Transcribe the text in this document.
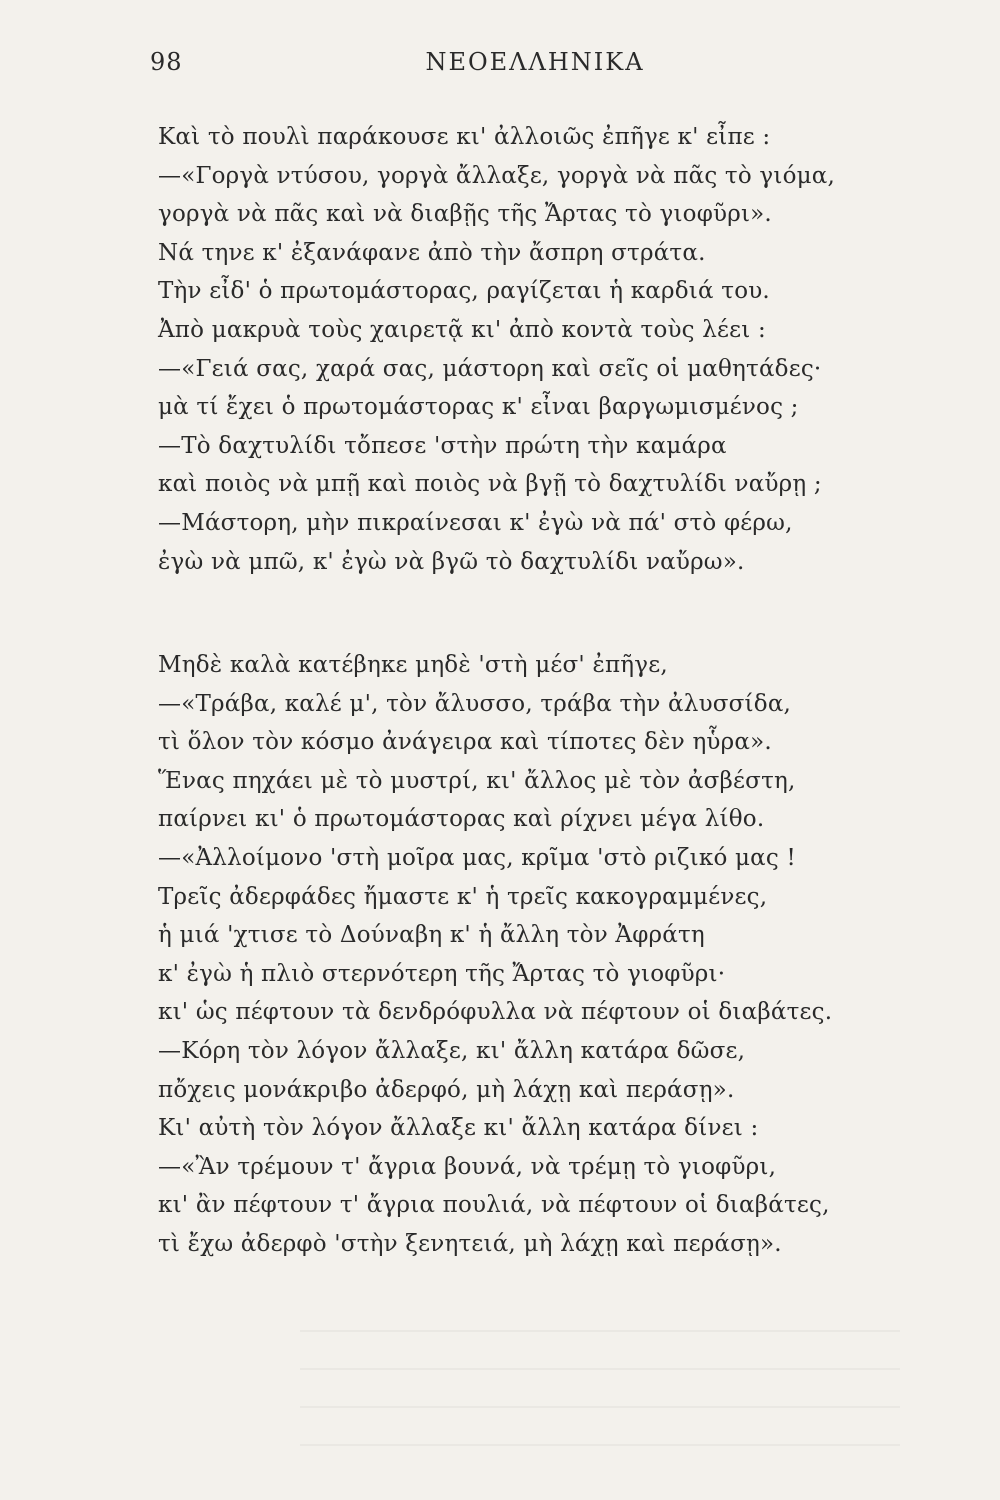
98	ΝΕΟΕΛΛΗΝΙΚΑ
Καὶ τὸ πουλὶ παράκουσε κι' ἀλλοιῶς ἐπῆγε κ' εἶπε :
—«Γοργὰ ντύσου, γοργὰ ἄλλαξε, γοργὰ νὰ πᾶς τὸ γιόμα,
γοργὰ νὰ πᾶς καὶ νὰ διαβῇς τῆς Ἄρτας τὸ γιοφῦρι».
Νά τηνε κ' ἐξανάφανε ἀπὸ τὴν ἄσπρη στράτα.
Τὴν εἶδ' ὁ πρωτομάστορας, ραγίζεται ἡ καρδιά του.
Ἀπὸ μακρυὰ τοὺς χαιρετᾷ κι' ἀπὸ κοντὰ τοὺς λέει :
—«Γειά σας, χαρά σας, μάστορη καὶ σεῖς οἱ μαθητάδες·
μὰ τί ἔχει ὁ πρωτομάστορας κ' εἶναι βαργωμισμένος ;
—Τὸ δαχτυλίδι τὄπεσε 'στὴν πρώτη τὴν καμάρα
καὶ ποιὸς νὰ μπῇ καὶ ποιὸς νὰ βγῇ τὸ δαχτυλίδι ναὔρῃ ;
—Μάστορη, μὴν πικραίνεσαι κ' ἐγὼ νὰ πά' στὸ φέρω,
ἐγὼ νὰ μπῶ, κ' ἐγὼ νὰ βγῶ τὸ δαχτυλίδι ναὔρω».
Μηδὲ καλὰ κατέβηκε μηδὲ 'στὴ μέσ' ἐπῆγε,
—«Τράβα, καλέ μ', τὸν ἄλυσσο, τράβα τὴν ἀλυσσίδα,
τὶ ὅλον τὸν κόσμο ἀνάγειρα καὶ τίποτες δὲν ηὗρα».
Ἕνας πηχάει μὲ τὸ μυστρί, κι' ἄλλος μὲ τὸν ἀσβέστη,
παίρνει κι' ὁ πρωτομάστορας καὶ ρίχνει μέγα λίθο.
—«Ἀλλοίμονο 'στὴ μοῖρα μας, κρῖμα 'στὸ ριζικό μας !
Τρεῖς ἀδερφάδες ἤμαστε κ' ἡ τρεῖς κακογραμμένες,
ἡ μιά 'χτισε τὸ Δούναβη κ' ἡ ἄλλη τὸν Ἀφράτη
κ' ἐγὼ ἡ πλιὸ στερνότερη τῆς Ἄρτας τὸ γιοφῦρι·
κι' ὡς πέφτουν τὰ δενδρόφυλλα νὰ πέφτουν οἱ διαβάτες.
—Κόρη τὸν λόγον ἄλλαξε, κι' ἄλλη κατάρα δῶσε,
πὄχεις μονάκριβο ἀδερφό, μὴ λάχῃ καὶ περάσῃ».
Κι' αὐτὴ τὸν λόγον ἄλλαξε κι' ἄλλη κατάρα δίνει :
—«Ἂν τρέμουν τ' ἄγρια βουνά, νὰ τρέμῃ τὸ γιοφῦρι,
κι' ἂν πέφτουν τ' ἄγρια πουλιά, νὰ πέφτουν οἱ διαβάτες,
τὶ ἔχω ἀδερφὸ 'στὴν ξενητειά, μὴ λάχῃ καὶ περάσῃ».
